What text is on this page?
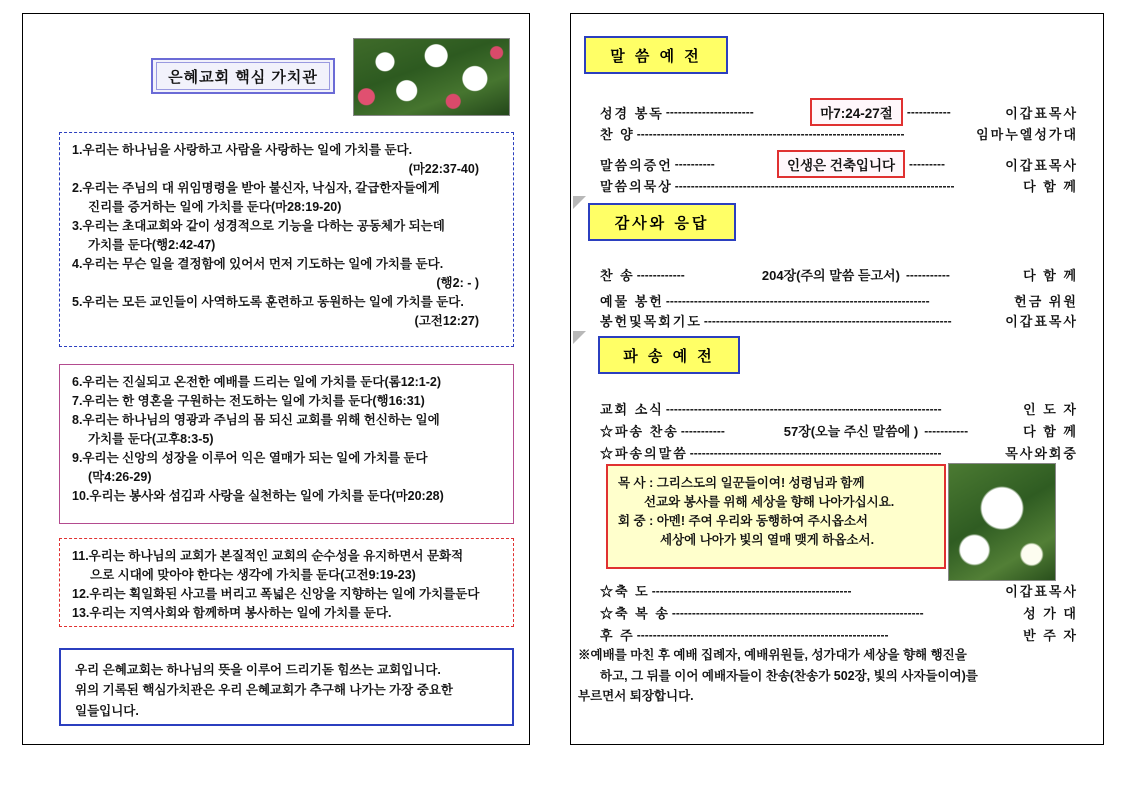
은혜교회 핵심 가치관
1.우리는 하나님을 사랑하고 사람을 사랑하는 일에 가치를 둔다.
(마22:37-40)
2.우리는 주님의 대 위임명령을 받아 불신자, 낙심자, 갈급한자들에게
진리를 증거하는 일에 가치를 둔다(마28:19-20)
3.우리는 초대교회와 같이 성경적으로 기능을 다하는 공동체가 되는데
가치를 둔다(행2:42-47)
4.우리는 무슨 일을 결정함에 있어서 먼저 기도하는 일에 가치를 둔다.
(행2: - )
5.우리는 모든 교인들이 사역하도록 훈련하고 동원하는 일에 가치를 둔다.
(고전12:27)
6.우리는 진실되고 온전한 예배를 드리는 일에 가치를 둔다(롬12:1-2)
7.우리는 한 영혼을 구원하는 전도하는 일에 가치를 둔다(행16:31)
8.우리는 하나님의 영광과 주님의 몸 되신 교회를 위해 헌신하는 일에
가치를 둔다(고후8:3-5)
9.우리는 신앙의 성장을 이루어 익은 열매가 되는 일에 가치를 둔다
(막4:26-29)
10.우리는 봉사와 섬김과 사랑을 실천하는 일에 가치를 둔다(마20:28)
11.우리는 하나님의 교회가 본질적인 교회의 순수성을 유지하면서 문화적
으로 시대에 맞아야 한다는 생각에 가치를 둔다(고전9:19-23)
12.우리는 획일화된 사고를 버리고 폭넓은 신앙을 지향하는 일에 가치를둔다
13.우리는 지역사회와 함께하며 봉사하는 일에 가치를 둔다.
우리 은혜교회는 하나님의 뜻을 이루어 드리기돋 힘쓰는 교회입니다.
위의 기록된 핵심가치관은 우리 은혜교회가 추구해 나가는 가장 중요한
일들입니다.
말 씀 예 전
성경 봉독 ----------------------	마7:24-27절	-----------	이갑표목사
찬 양 -------------------------------------------------------------------	임마누엘성가대
말씀의증언 ----------	인생은 건축입니다	---------	이갑표목사
말씀의묵상 ----------------------------------------------------------------------	다 함 께
감사와 응답
찬 송 ------------	204장(주의 말씀 듣고서) -----------	다 함 께
예물 봉헌 ------------------------------------------------------------------	헌금 위원
봉헌및목회기도 --------------------------------------------------------------	이갑표목사
파 송 예 전
교회 소식 ---------------------------------------------------------------------	인 도 자
☆파송 찬송 -----------	57장(오늘 주신 말씀에 ) -----------	다 함 께
☆파송의말씀 ---------------------------------------------------------------	목사와회중
목 사 : 그리스도의 일꾼들이여! 성령님과 함께
선교와 봉사를 위해 세상을 향해 나아가십시요.
회 중 : 아멘! 주여 우리와 동행하여 주시옵소서
세상에 나아가 빛의 열매 맺게 하옵소서.
☆축 도 --------------------------------------------------	이갑표목사
☆축 복 송 ---------------------------------------------------------------	성 가 대
후 주 ---------------------------------------------------------------	반 주 자
※예배를 마친 후 예배 집례자, 예배위원들, 성가대가 세상을 향해 행진을
하고, 그 뒤를 이어 예배자들이 찬송(찬송가 502장, 빛의 사자들이여)를
부르면서 퇴장합니다.
